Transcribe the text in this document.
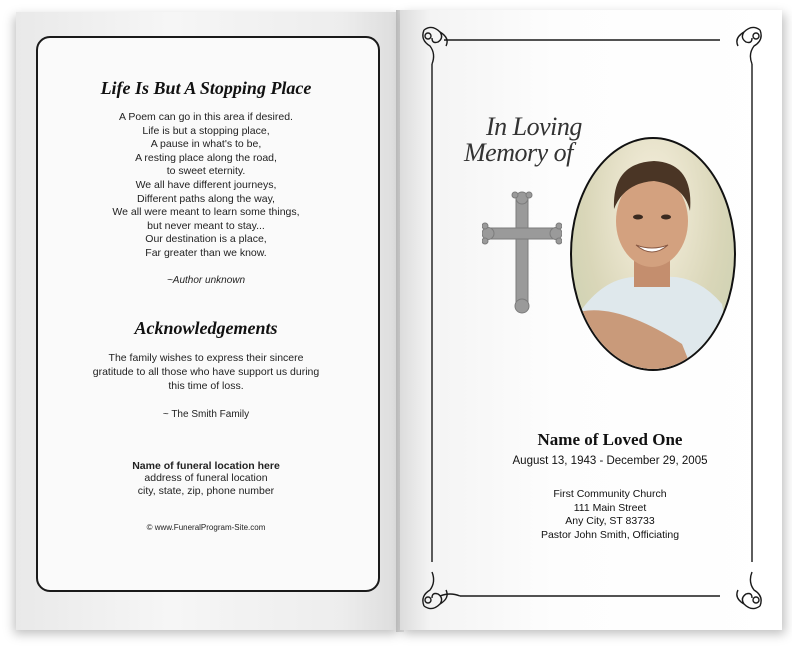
Life Is But A Stopping Place
A Poem can go in this area if desired.
Life is but a stopping place,
A pause in what's to be,
A resting place along the road,
to sweet eternity.
We all have different journeys,
Different paths along the way,
We all were meant to learn some things,
but never meant to stay...
Our destination is a place,
Far greater than we know.
~Author unknown
Acknowledgements
The family wishes to express their sincere
gratitude to all those who have support us during
this time of loss.
~ The Smith Family
Name of funeral location here
address of funeral location
city, state, zip, phone number
© www.FuneralProgram-Site.com
In Loving
Memory of
Name of Loved One
August 13, 1943 - December 29, 2005
First Community Church
111 Main Street
Any City, ST 83733
Pastor John Smith, Officiating
